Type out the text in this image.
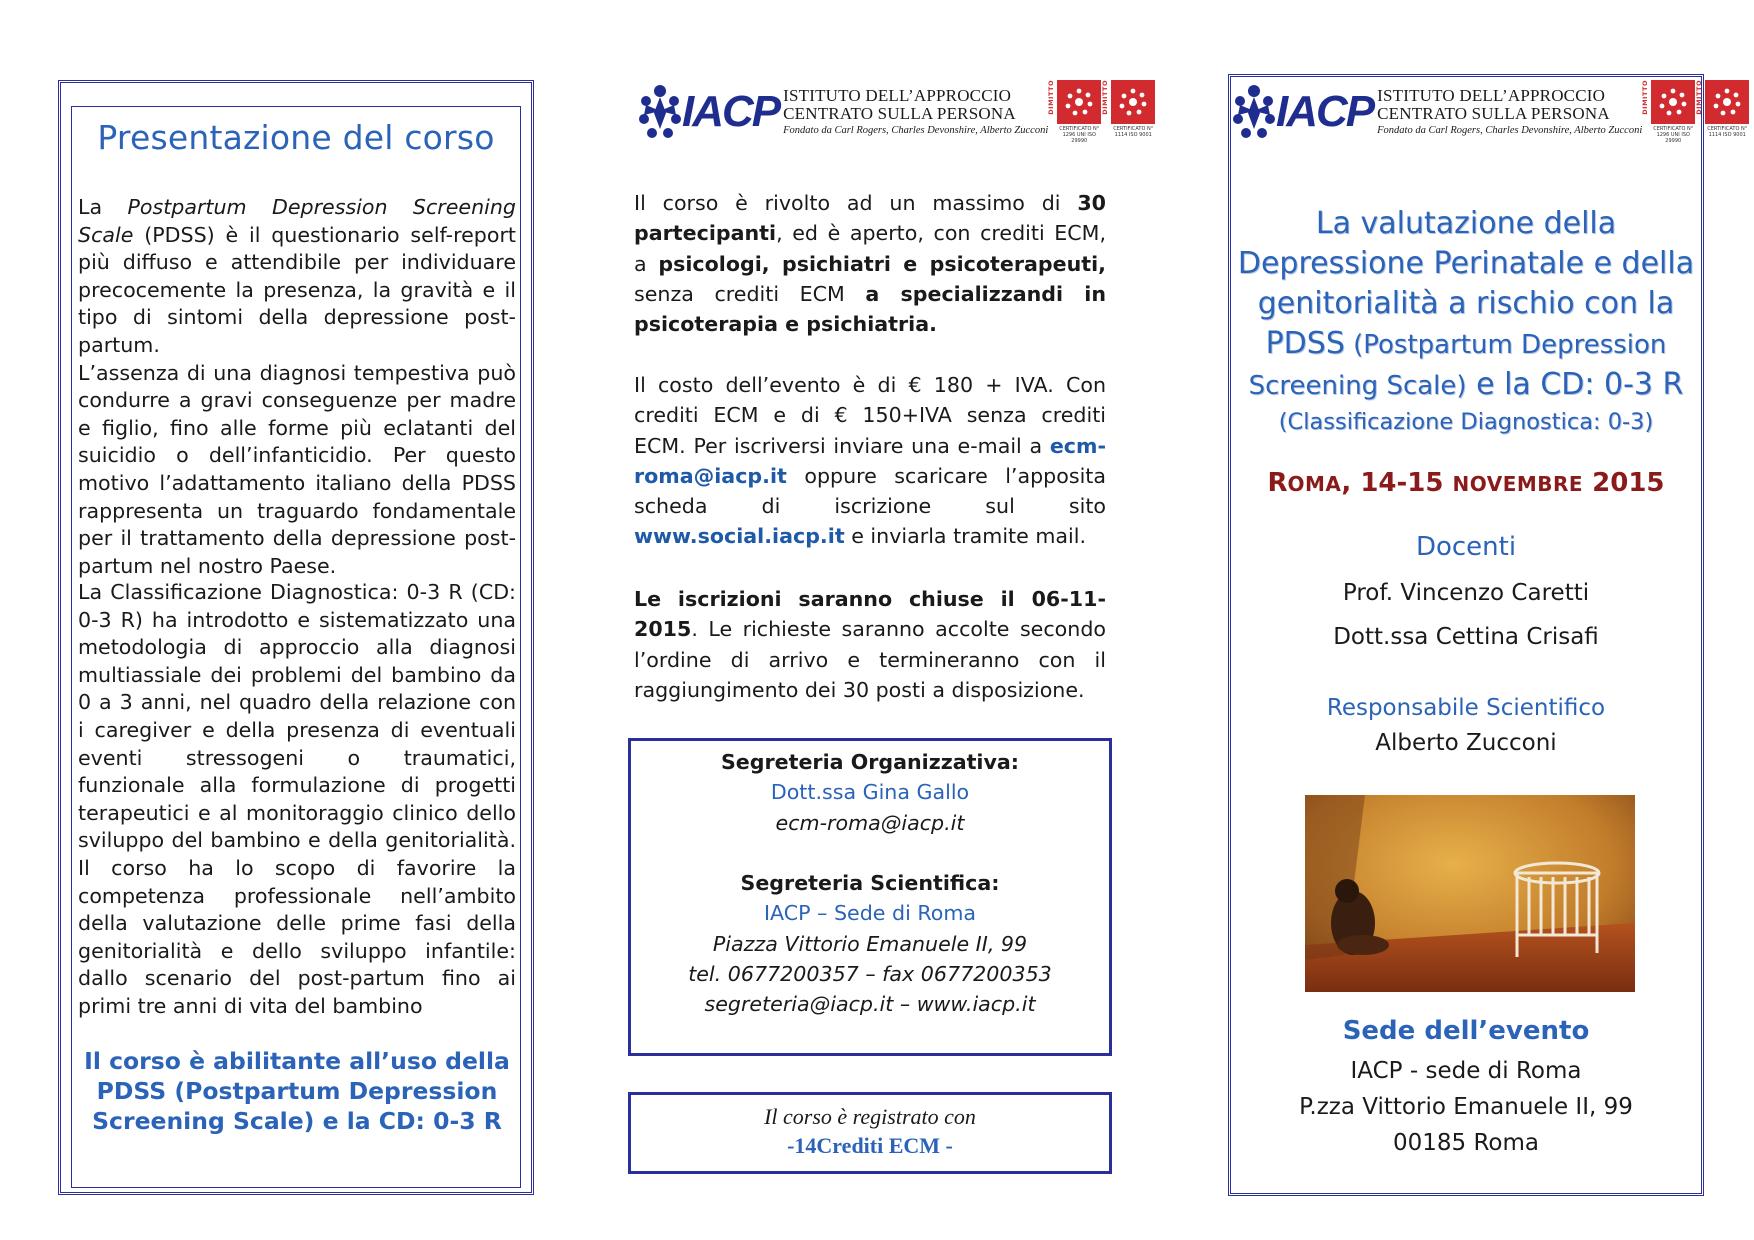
Presentazione del corso

La Postpartum Depression Screening Scale (PDSS) è il questionario self-report più diffuso e attendibile per individuare precocemente la presenza, la gravità e il tipo di sintomi della depressione post-partum.

L’assenza di una diagnosi tempestiva può condurre a gravi conseguenze per madre e figlio, fino alle forme più eclatanti del suicidio o dell’infanticidio. Per questo motivo l’adattamento italiano della PDSS rappresenta un traguardo fondamentale per il trattamento della depressione post-partum nel nostro Paese.

La Classificazione Diagnostica: 0-3 R (CD: 0-3 R) ha introdotto e sistematizzato una metodologia di approccio alla diagnosi multiassiale dei problemi del bambino da 0 a 3 anni, nel quadro della relazione con i caregiver e della presenza di eventuali eventi stressogeni o traumatici, funzionale alla formulazione di progetti terapeutici e al monitoraggio clinico dello sviluppo del bambino e della genitorialità. Il corso ha lo scopo di favorire la competenza professionale nell’ambito della valutazione delle prime fasi della genitorialità e dello sviluppo infantile: dallo scenario del post-partum fino ai primi tre anni di vita del bambino

Il corso è abilitante all’uso della PDSS (Postpartum Depression Screening Scale) e la CD: 0-3 R
IACP ISTITUTO DELL’APPROCCIO
CENTRATO SULLA PERSONA
Fondato da Carl Rogers, Charles Devonshire, Alberto Zucconi
DIMITTO
CERTIFICATO N° 1296 UNI ISO 29990
DIMITTO
CERTIFICATO N° 1114 ISO 9001
Il corso è rivolto ad un massimo di 30 partecipanti, ed è aperto, con crediti ECM, a psicologi, psichiatri e psicoterapeuti, senza crediti ECM a specializzandi in psicoterapia e psichiatria.
Il costo dell’evento è di € 180 + IVA. Con crediti ECM e di € 150+IVA senza crediti ECM. Per iscriversi inviare una e-mail a ecm-roma@iacp.it oppure scaricare l’apposita scheda di iscrizione sul sito www.social.iacp.it e inviarla tramite mail.
Le iscrizioni saranno chiuse il 06-11-2015. Le richieste saranno accolte secondo l’ordine di arrivo e termineranno con il raggiungimento dei 30 posti a disposizione.
Segreteria Organizzativa:
Dott.ssa Gina Gallo
ecm-roma@iacp.it
Segreteria Scientifica:
IACP – Sede di Roma
Piazza Vittorio Emanuele II, 99
tel. 0677200357 – fax 0677200353
segreteria@iacp.it – www.iacp.it
Il corso è registrato con
-14Crediti ECM -
IACP ISTITUTO DELL’APPROCCIO
CENTRATO SULLA PERSONA
Fondato da Carl Rogers, Charles Devonshire, Alberto Zucconi
DIMITTO
CERTIFICATO N° 1296 UNI ISO 29990
DIMITTO
CERTIFICATO N° 1114 ISO 9001
La valutazione della
Depressione Perinatale e della
genitorialità a rischio con la
PDSS (Postpartum Depression
Screening Scale) e la CD: 0-3 R
(Classificazione Diagnostica: 0-3)
ROMA, 14-15 NOVEMBRE 2015
Docenti
Prof. Vincenzo Caretti
Dott.ssa Cettina Crisafi
Responsabile Scientifico
Alberto Zucconi
Sede dell’evento
IACP - sede di Roma
P.zza Vittorio Emanuele II, 99
00185 Roma
